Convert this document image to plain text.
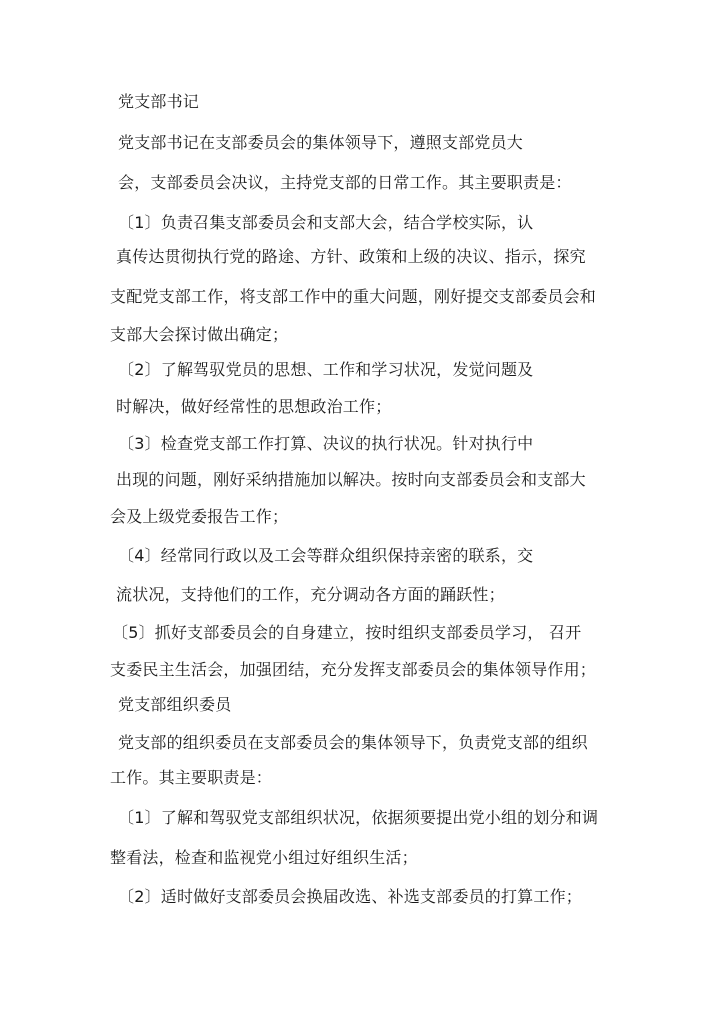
党支部书记
党支部书记在支部委员会的集体领导下，遵照支部党员大
会，支部委员会决议，主持党支部的日常工作。其主要职责是：
〔1〕负责召集支部委员会和支部大会，结合学校实际，认
真传达贯彻执行党的路途、方针、政策和上级的决议、指示，探究
支配党支部工作，将支部工作中的重大问题，刚好提交支部委员会和
支部大会探讨做出确定；
〔2〕了解驾驭党员的思想、工作和学习状况，发觉问题及
时解决，做好经常性的思想政治工作；
〔3〕检查党支部工作打算、决议的执行状况。针对执行中
出现的问题，刚好采纳措施加以解决。按时向支部委员会和支部大
会及上级党委报告工作；
〔4〕经常同行政以及工会等群众组织保持亲密的联系，交
流状况，支持他们的工作，充分调动各方面的踊跃性；
〔5〕抓好支部委员会的自身建立，按时组织支部委员学习， 召开
支委民主生活会，加强团结，充分发挥支部委员会的集体领导作用；
党支部组织委员
党支部的组织委员在支部委员会的集体领导下，负责党支部的组织
工作。其主要职责是：
〔1〕了解和驾驭党支部组织状况，依据须要提出党小组的划分和调
整看法，检查和监视党小组过好组织生活；
〔2〕适时做好支部委员会换届改选、补选支部委员的打算工作；
